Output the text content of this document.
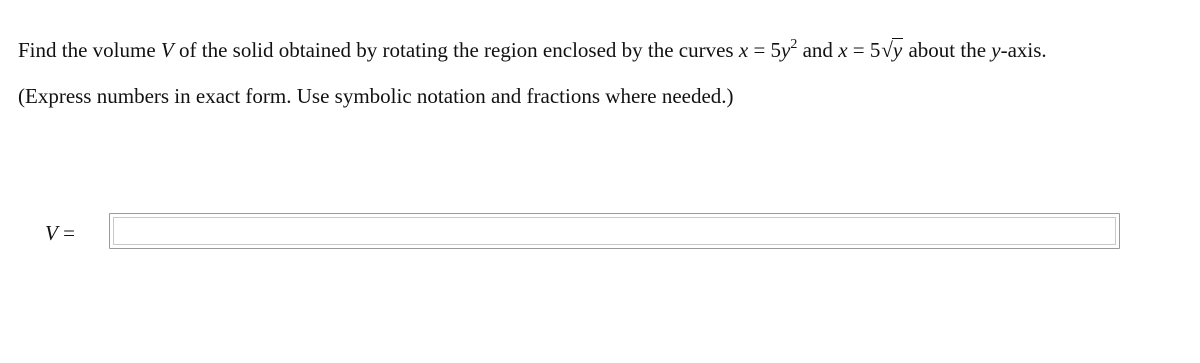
Find the volume V of the solid obtained by rotating the region enclosed by the curves $x = 5y^2$ and x = 5√y about the y-axis.
(Express numbers in exact form. Use symbolic notation and fractions where needed.)
V =
